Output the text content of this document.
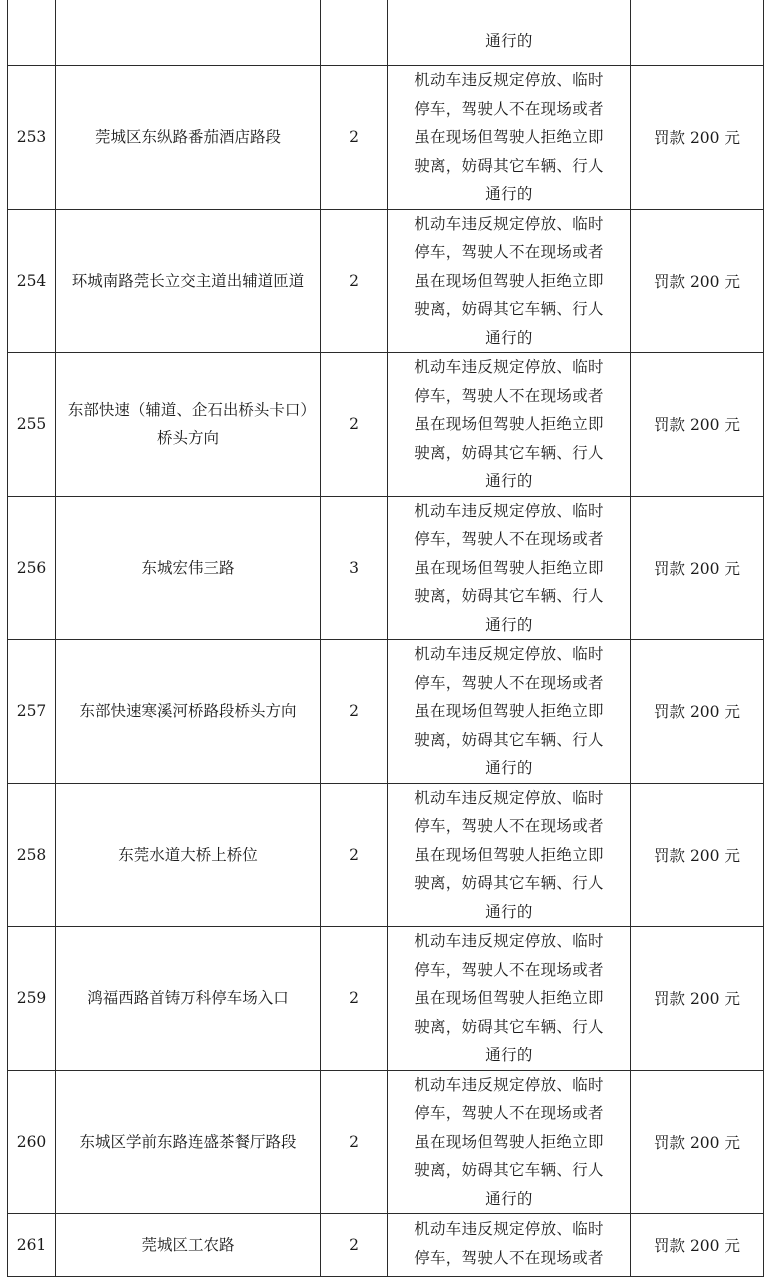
			通行的	

253	莞城区东纵路番茄酒店路段	2	机动车违反规定停放、临时
停车，驾驶人不在现场或者
虽在现场但驾驶人拒绝立即
驶离，妨碍其它车辆、行人
通行的	罚款 200 元
254	环城南路莞长立交主道出辅道匝道	2	机动车违反规定停放、临时
停车，驾驶人不在现场或者
虽在现场但驾驶人拒绝立即
驶离，妨碍其它车辆、行人
通行的	罚款 200 元
255	东部快速（辅道、企石出桥头卡口）桥头方向	2	机动车违反规定停放、临时
停车，驾驶人不在现场或者
虽在现场但驾驶人拒绝立即
驶离，妨碍其它车辆、行人
通行的	罚款 200 元
256	东城宏伟三路	3	机动车违反规定停放、临时
停车，驾驶人不在现场或者
虽在现场但驾驶人拒绝立即
驶离，妨碍其它车辆、行人
通行的	罚款 200 元
257	东部快速寒溪河桥路段桥头方向	2	机动车违反规定停放、临时
停车，驾驶人不在现场或者
虽在现场但驾驶人拒绝立即
驶离，妨碍其它车辆、行人
通行的	罚款 200 元
258	东莞水道大桥上桥位	2	机动车违反规定停放、临时
停车，驾驶人不在现场或者
虽在现场但驾驶人拒绝立即
驶离，妨碍其它车辆、行人
通行的	罚款 200 元
259	鸿福西路首铸万科停车场入口	2	机动车违反规定停放、临时
停车，驾驶人不在现场或者
虽在现场但驾驶人拒绝立即
驶离，妨碍其它车辆、行人
通行的	罚款 200 元
260	东城区学前东路连盛茶餐厅路段	2	机动车违反规定停放、临时
停车，驾驶人不在现场或者
虽在现场但驾驶人拒绝立即
驶离，妨碍其它车辆、行人
通行的	罚款 200 元
261	莞城区工农路	2	机动车违反规定停放、临时
停车，驾驶人不在现场或者	罚款 200 元
